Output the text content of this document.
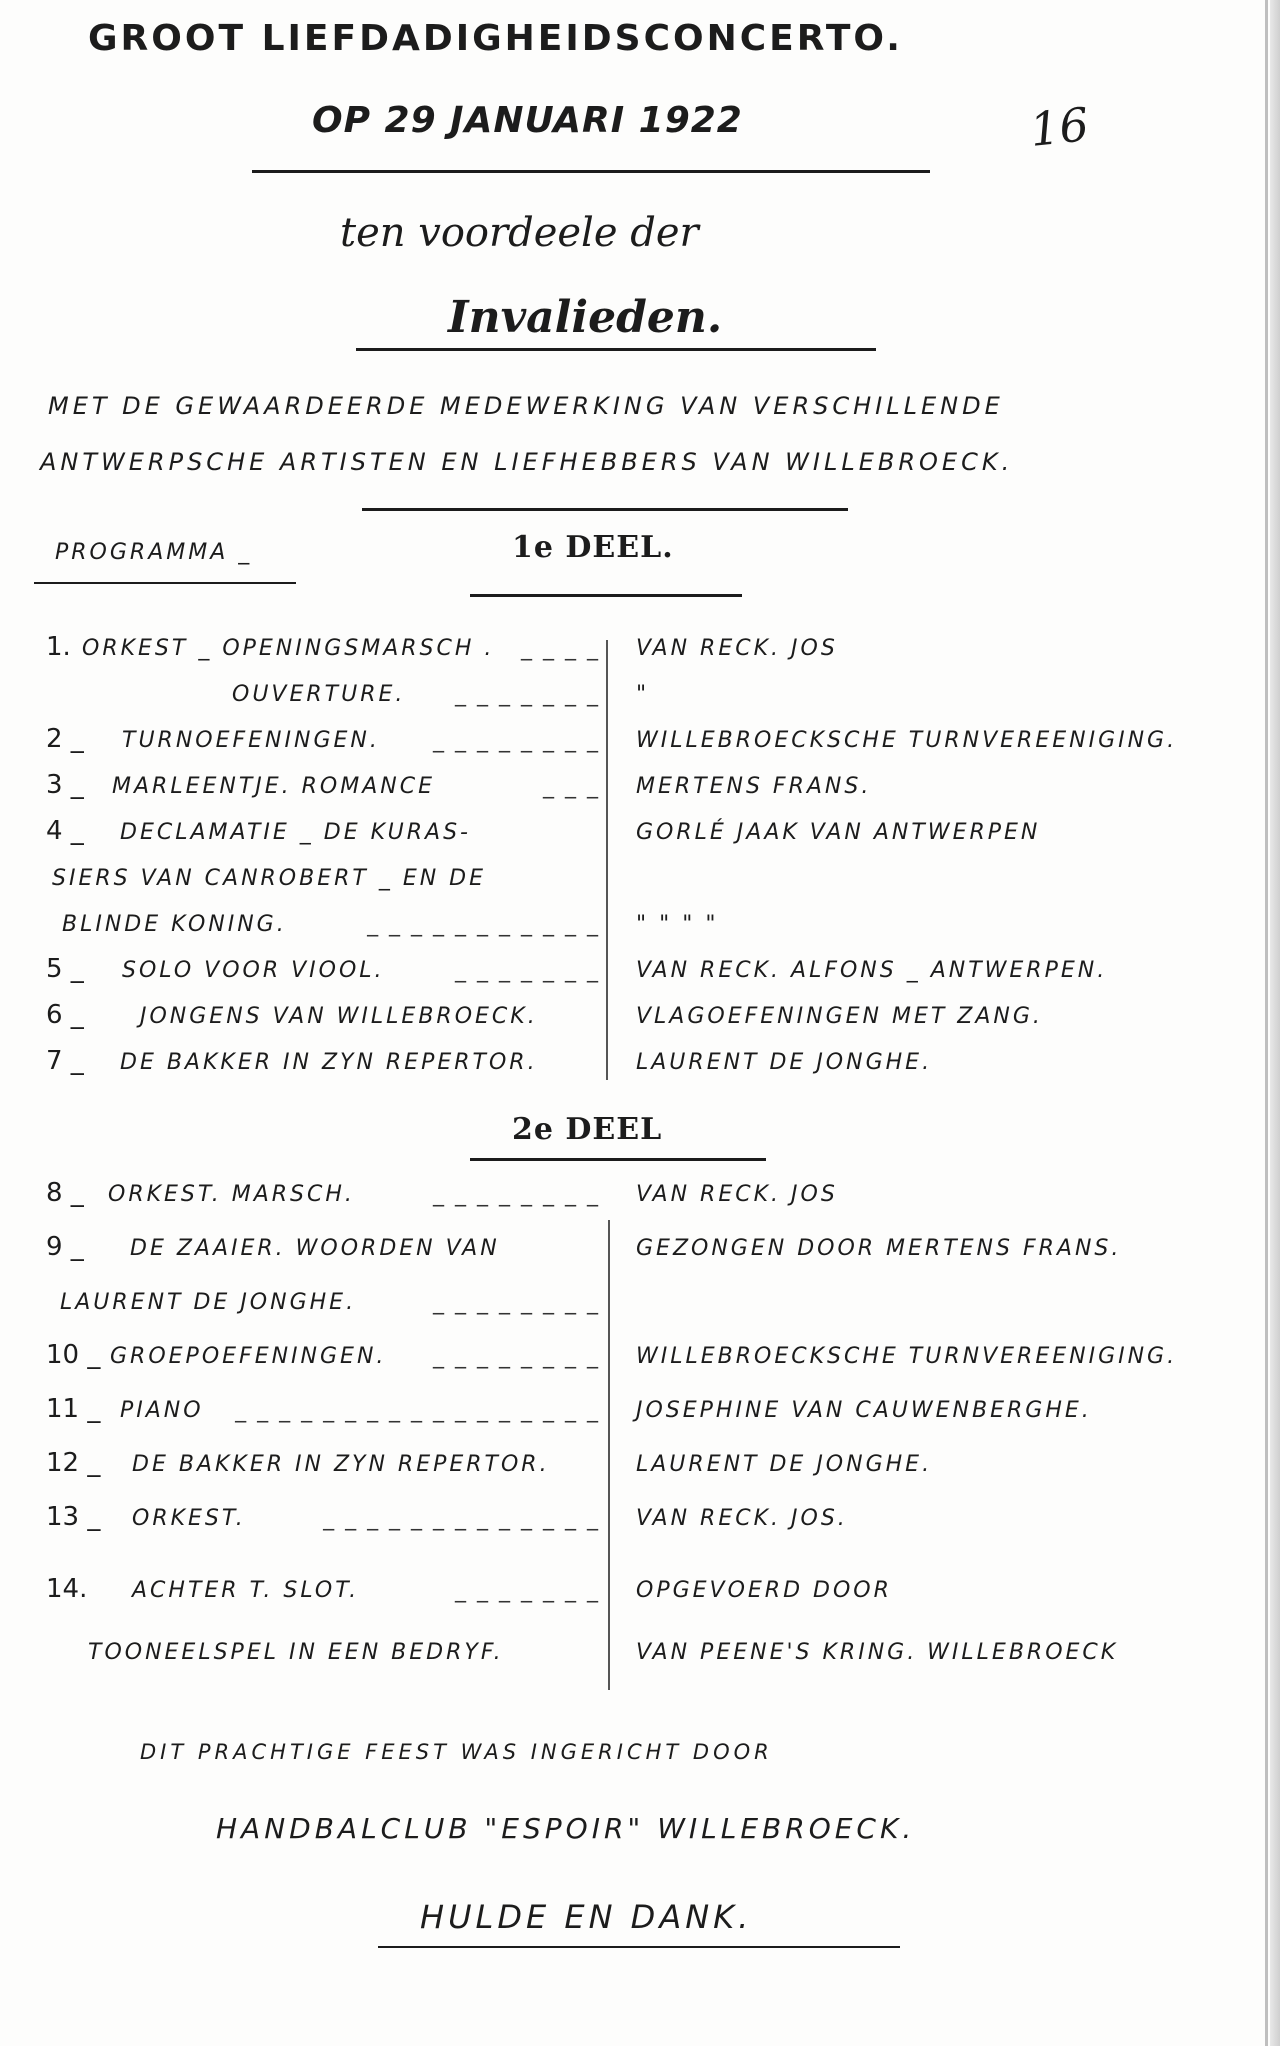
GROOT LIEFDADIGHEIDSCONCERTO.
OP 29 JANUARI 1922	16
ten voordeele der
Invalieden.
MET DE GEWAARDEERDE MEDEWERKING VAN VERSCHILLENDE
ANTWERPSCHE ARTISTEN EN LIEFHEBBERS VAN WILLEBROECK.
PROGRAMMA _	1e DEEL.
1. ORKEST _ OPENINGSMARSCH . _ _ _ _ VAN RECK. JOS
OUVERTURE. _ _ _ _ _ _ _ "
2 _ TURNOEFENINGEN. _ _ _ _ _ _ _ _ WILLEBROECKSCHE TURNVEREENIGING.
3 _ MARLEENTJE. ROMANCE	_ _ _ MERTENS FRANS.
4 _ DECLAMATIE _ DE KURAS-	GORLÉ JAAK VAN ANTWERPEN
SIERS VAN CANROBERT _ EN DE
BLINDE KONING.	_ _ _ _ _ _ _ _ _ _ _ " " " "
5 _ SOLO VOOR VIOOL.	_ _ _ _ _ _ _ VAN RECK. ALFONS _ ANTWERPEN.
6 _	JONGENS VAN WILLEBROECK.	VLAGOEFENINGEN MET ZANG.
7 _ DE BAKKER IN ZYN REPERTOR.	LAURENT DE JONGHE.
2e DEEL
8 _ ORKEST. MARSCH.	_ _ _ _ _ _ _ _ VAN RECK. JOS
9 _ DE ZAAIER. WOORDEN VAN	GEZONGEN DOOR MERTENS FRANS.
LAURENT DE JONGHE.	_ _ _ _ _ _ _ _
10 _ GROEPOEFENINGEN. _ _ _ _ _ _ _ _ WILLEBROECKSCHE TURNVEREENIGING.
11 _ PIANO _ _ _ _ _ _ _ _ _ _ _ _ _ _ _ _ _ JOSEPHINE VAN CAUWENBERGHE.
12 _ DE BAKKER IN ZYN REPERTOR.	LAURENT DE JONGHE.
13 _ ORKEST.	_ _ _ _ _ _ _ _ _ _ _ _ _ VAN RECK. JOS.
14. ACHTER T. SLOT.	_ _ _ _ _ _ _ OPGEVOERD DOOR
TOONEELSPEL IN EEN BEDRYF.	VAN PEENE'S KRING. WILLEBROECK
DIT PRACHTIGE FEEST WAS INGERICHT DOOR
HANDBALCLUB "ESPOIR" WILLEBROECK.
HULDE EN DANK.
